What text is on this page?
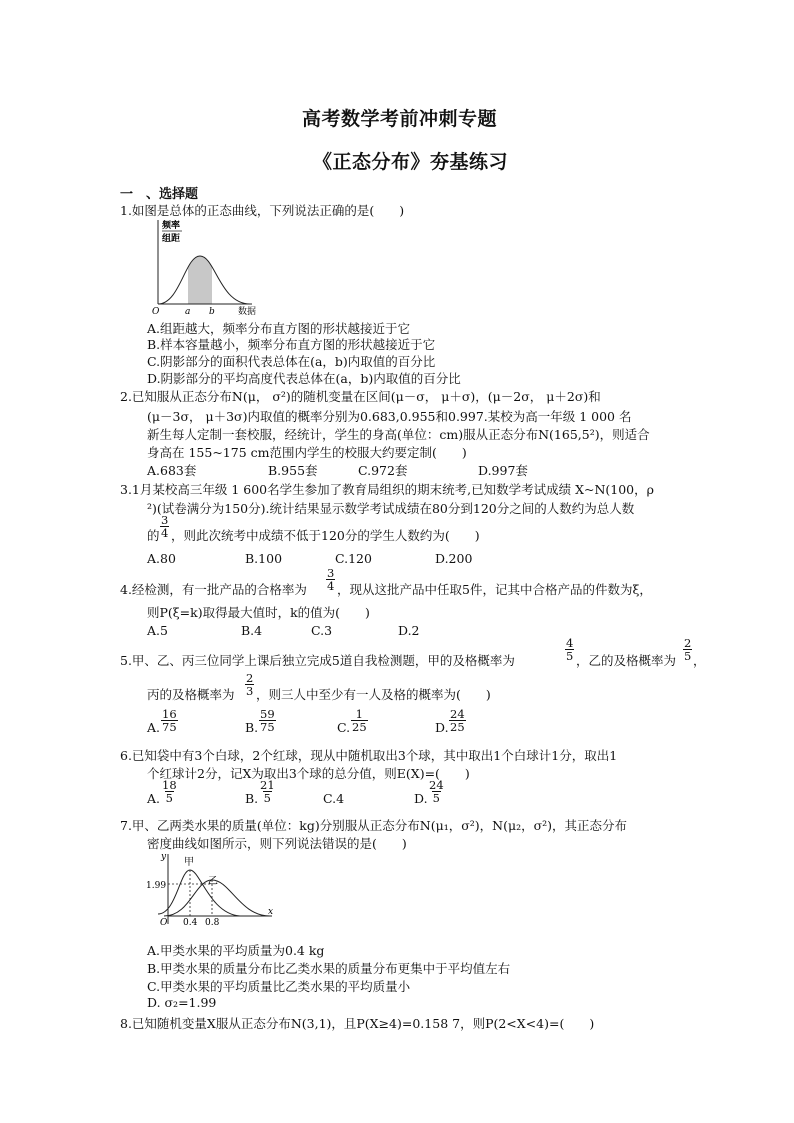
高考数学考前冲刺专题
《正态分布》夯基练习
一　、选择题
1.如图是总体的正态曲线，下列说法正确的是(　　)
频率
组距
O	a b	数据
A.组距越大，频率分布直方图的形状越接近于它
B.样本容量越小，频率分布直方图的形状越接近于它
C.阴影部分的面积代表总体在(a，b)内取值的百分比
D.阴影部分的平均高度代表总体在(a，b)内取值的百分比
2.已知服从正态分布N(μ， σ²)的随机变量在区间(μ－σ， μ＋σ)，(μ－2σ， μ＋2σ)和
(μ－3σ， μ＋3σ)内取值的概率分别为0.683,0.955和0.997.某校为高一年级 1 000 名
新生每人定制一套校服，经统计，学生的身高(单位：cm)服从正态分布N(165,5²)，则适合
身高在 155~175 cm范围内学生的校服大约要定制(　　)
A.683套	B.955套	C.972套	D.997套
3.1月某校高三年级 1 600名学生参加了教育局组织的期末统考,已知数学考试成绩 X~N(100，ρ
²)(试卷满分为150分).统计结果显示数学考试成绩在80分到120分之间的人数约为总人数
的 $\frac{3}{4}$ ，则此次统考中成绩不低于120分的学生人数约为(　　)
A.80	B.100	C.120	D.200
4.经检测，有一批产品的合格率为 $\frac{3}{4}$ ，现从这批产品中任取5件，记其中合格产品的件数为ξ，
则P(ξ=k)取得最大值时，k的值为(　　)
A.5	B.4	C.3	D.2
5.甲、乙、丙三位同学上课后独立完成5道自我检测题，甲的及格概率为	$\frac{4}{5}$ ，乙的及格概率为 $\frac{2}{5}$ ，
丙的及格概率为 $\frac{2}{3}$ ，则三人中至少有一人及格的概率为(　　)
A. $\frac{16}{75}$	B. $\frac{59}{75}$	C. $\frac{1}{25}$	D. $\frac{24}{25}$
6.已知袋中有3个白球，2个红球，现从中随机取出3个球，其中取出1个白球计1分，取出1
个红球计2分，记X为取出3个球的总分值，则E(X)=(　　)
A. $\frac{18}{5}$	B. $\frac{21}{5}$	C.4	D. $\frac{24}{5}$
7.甲、乙两类水果的质量(单位：kg)分别服从正态分布N(μ₁，σ²)，N(μ₂，σ²)，其正态分布
密度曲线如图所示，则下列说法错误的是(　　)
y 甲
乙
1.99
O 0.4 0.8
x
A.甲类水果的平均质量为0.4 kg
B.甲类水果的质量分布比乙类水果的质量分布更集中于平均值左右
C.甲类水果的平均质量比乙类水果的平均质量小
D. σ₂=1.99
8.已知随机变量X服从正态分布N(3,1)，且P(X≥4)=0.158 7，则P(2<X<4)=(　　)
